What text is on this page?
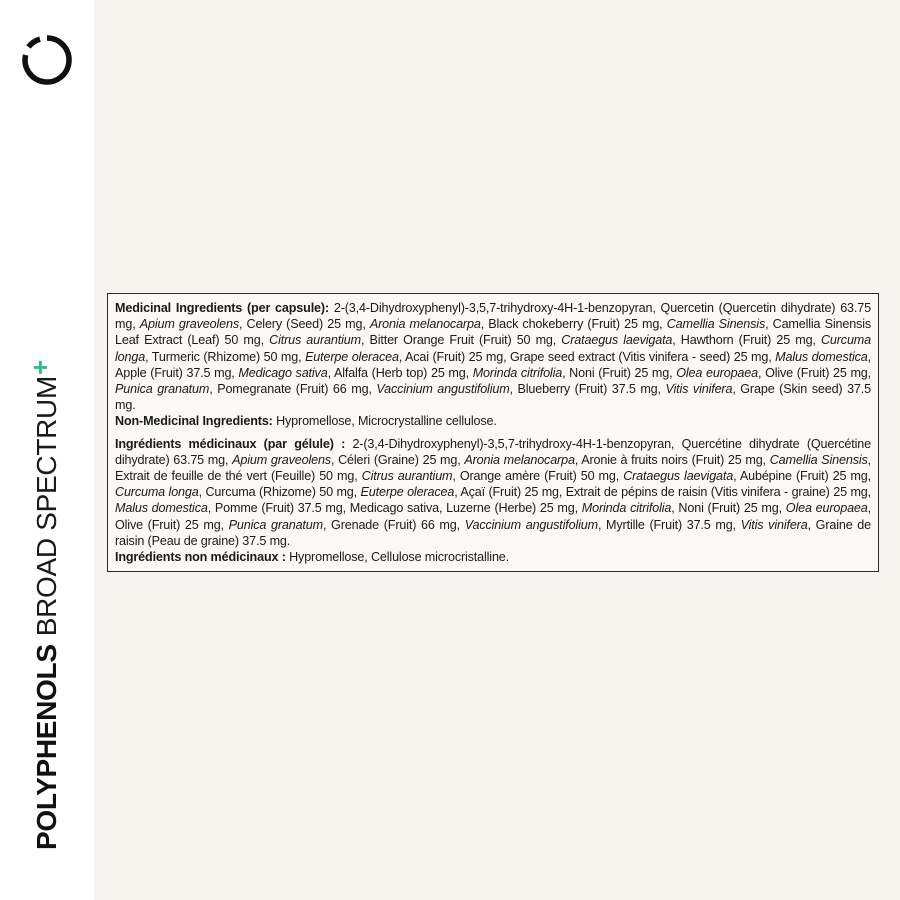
POLYPHENOLSBROAD SPECTRUM+

Medicinal Ingredients (per capsule): 2-(3,4-Dihydroxyphenyl)-3,5,7-trihydroxy-4H-1-benzopyran, Quercetin (Quercetin dihydrate) 63.75 mg, Apium graveolens, Celery (Seed) 25 mg, Aronia melanocarpa, Black chokeberry (Fruit) 25 mg, Camellia Sinensis, Camellia Sinensis Leaf Extract (Leaf) 50 mg, Citrus aurantium, Bitter Orange Fruit (Fruit) 50 mg, Crataegus laevigata, Hawthorn (Fruit) 25 mg, Curcuma longa, Turmeric (Rhizome) 50 mg, Euterpe oleracea, Acai (Fruit) 25 mg, Grape seed extract (Vitis vinifera - seed) 25 mg, Malus domestica, Apple (Fruit) 37.5 mg, Medicago sativa, Alfalfa (Herb top) 25 mg, Morinda citrifolia, Noni (Fruit) 25 mg, Olea europaea, Olive (Fruit) 25 mg, Punica granatum, Pomegranate (Fruit) 66 mg, Vaccinium angustifolium, Blueberry (Fruit) 37.5 mg, Vitis vinifera, Grape (Skin seed) 37.5 mg.

Non-Medicinal Ingredients: Hypromellose, Microcrystalline cellulose.

Ingrédients médicinaux (par gélule) : 2-(3,4-Dihydroxyphenyl)-3,5,7-trihydroxy-4H-1-benzopyran, Quercétine dihydrate (Quercétine dihydrate) 63.75 mg, Apium graveolens, Céleri (Graine) 25 mg, Aronia melanocarpa, Aronie à fruits noirs (Fruit) 25 mg, Camellia Sinensis, Extrait de feuille de thé vert (Feuille) 50 mg, Citrus aurantium, Orange amère (Fruit) 50 mg, Crataegus laevigata, Aubépine (Fruit) 25 mg, Curcuma longa, Curcuma (Rhizome) 50 mg, Euterpe oleracea, Açaï (Fruit) 25 mg, Extrait de pépins de raisin (Vitis vinifera - graine) 25 mg, Malus domestica, Pomme (Fruit) 37.5 mg, Medicago sativa, Luzerne (Herbe) 25 mg, Morinda citrifolia, Noni (Fruit) 25 mg, Olea europaea, Olive (Fruit) 25 mg, Punica granatum, Grenade (Fruit) 66 mg, Vaccinium angustifolium, Myrtille (Fruit) 37.5 mg, Vitis vinifera, Graine de raisin (Peau de graine) 37.5 mg.

Ingrédients non médicinaux : Hypromellose, Cellulose microcristalline.
